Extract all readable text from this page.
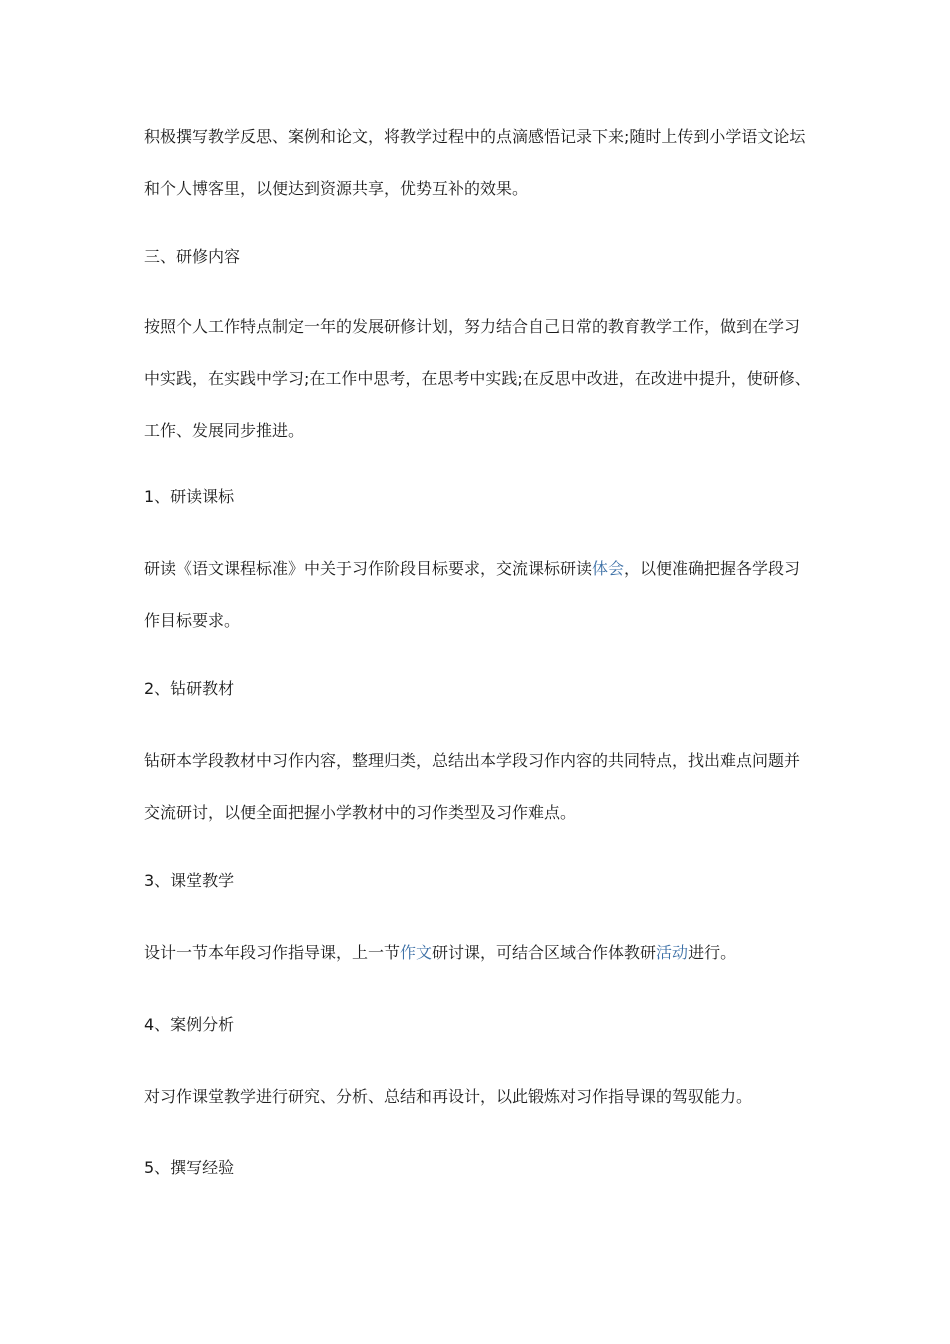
积极撰写教学反思、案例和论文，将教学过程中的点滴感悟记录下来;随时上传到小学语文论坛和个人博客里，以便达到资源共享，优势互补的效果。

三、研修内容

按照个人工作特点制定一年的发展研修计划，努力结合自己日常的教育教学工作，做到在学习中实践，在实践中学习;在工作中思考，在思考中实践;在反思中改进，在改进中提升，使研修、工作、发展同步推进。

1、研读课标

研读《语文课程标准》中关于习作阶段目标要求，交流课标研读体会，以便准确把握各学段习作目标要求。

2、钻研教材

钻研本学段教材中习作内容，整理归类，总结出本学段习作内容的共同特点，找出难点问题并交流研讨，以便全面把握小学教材中的习作类型及习作难点。

3、课堂教学

设计一节本年段习作指导课，上一节作文研讨课，可结合区域合作体教研活动进行。

4、案例分析

对习作课堂教学进行研究、分析、总结和再设计，以此锻炼对习作指导课的驾驭能力。

5、撰写经验
